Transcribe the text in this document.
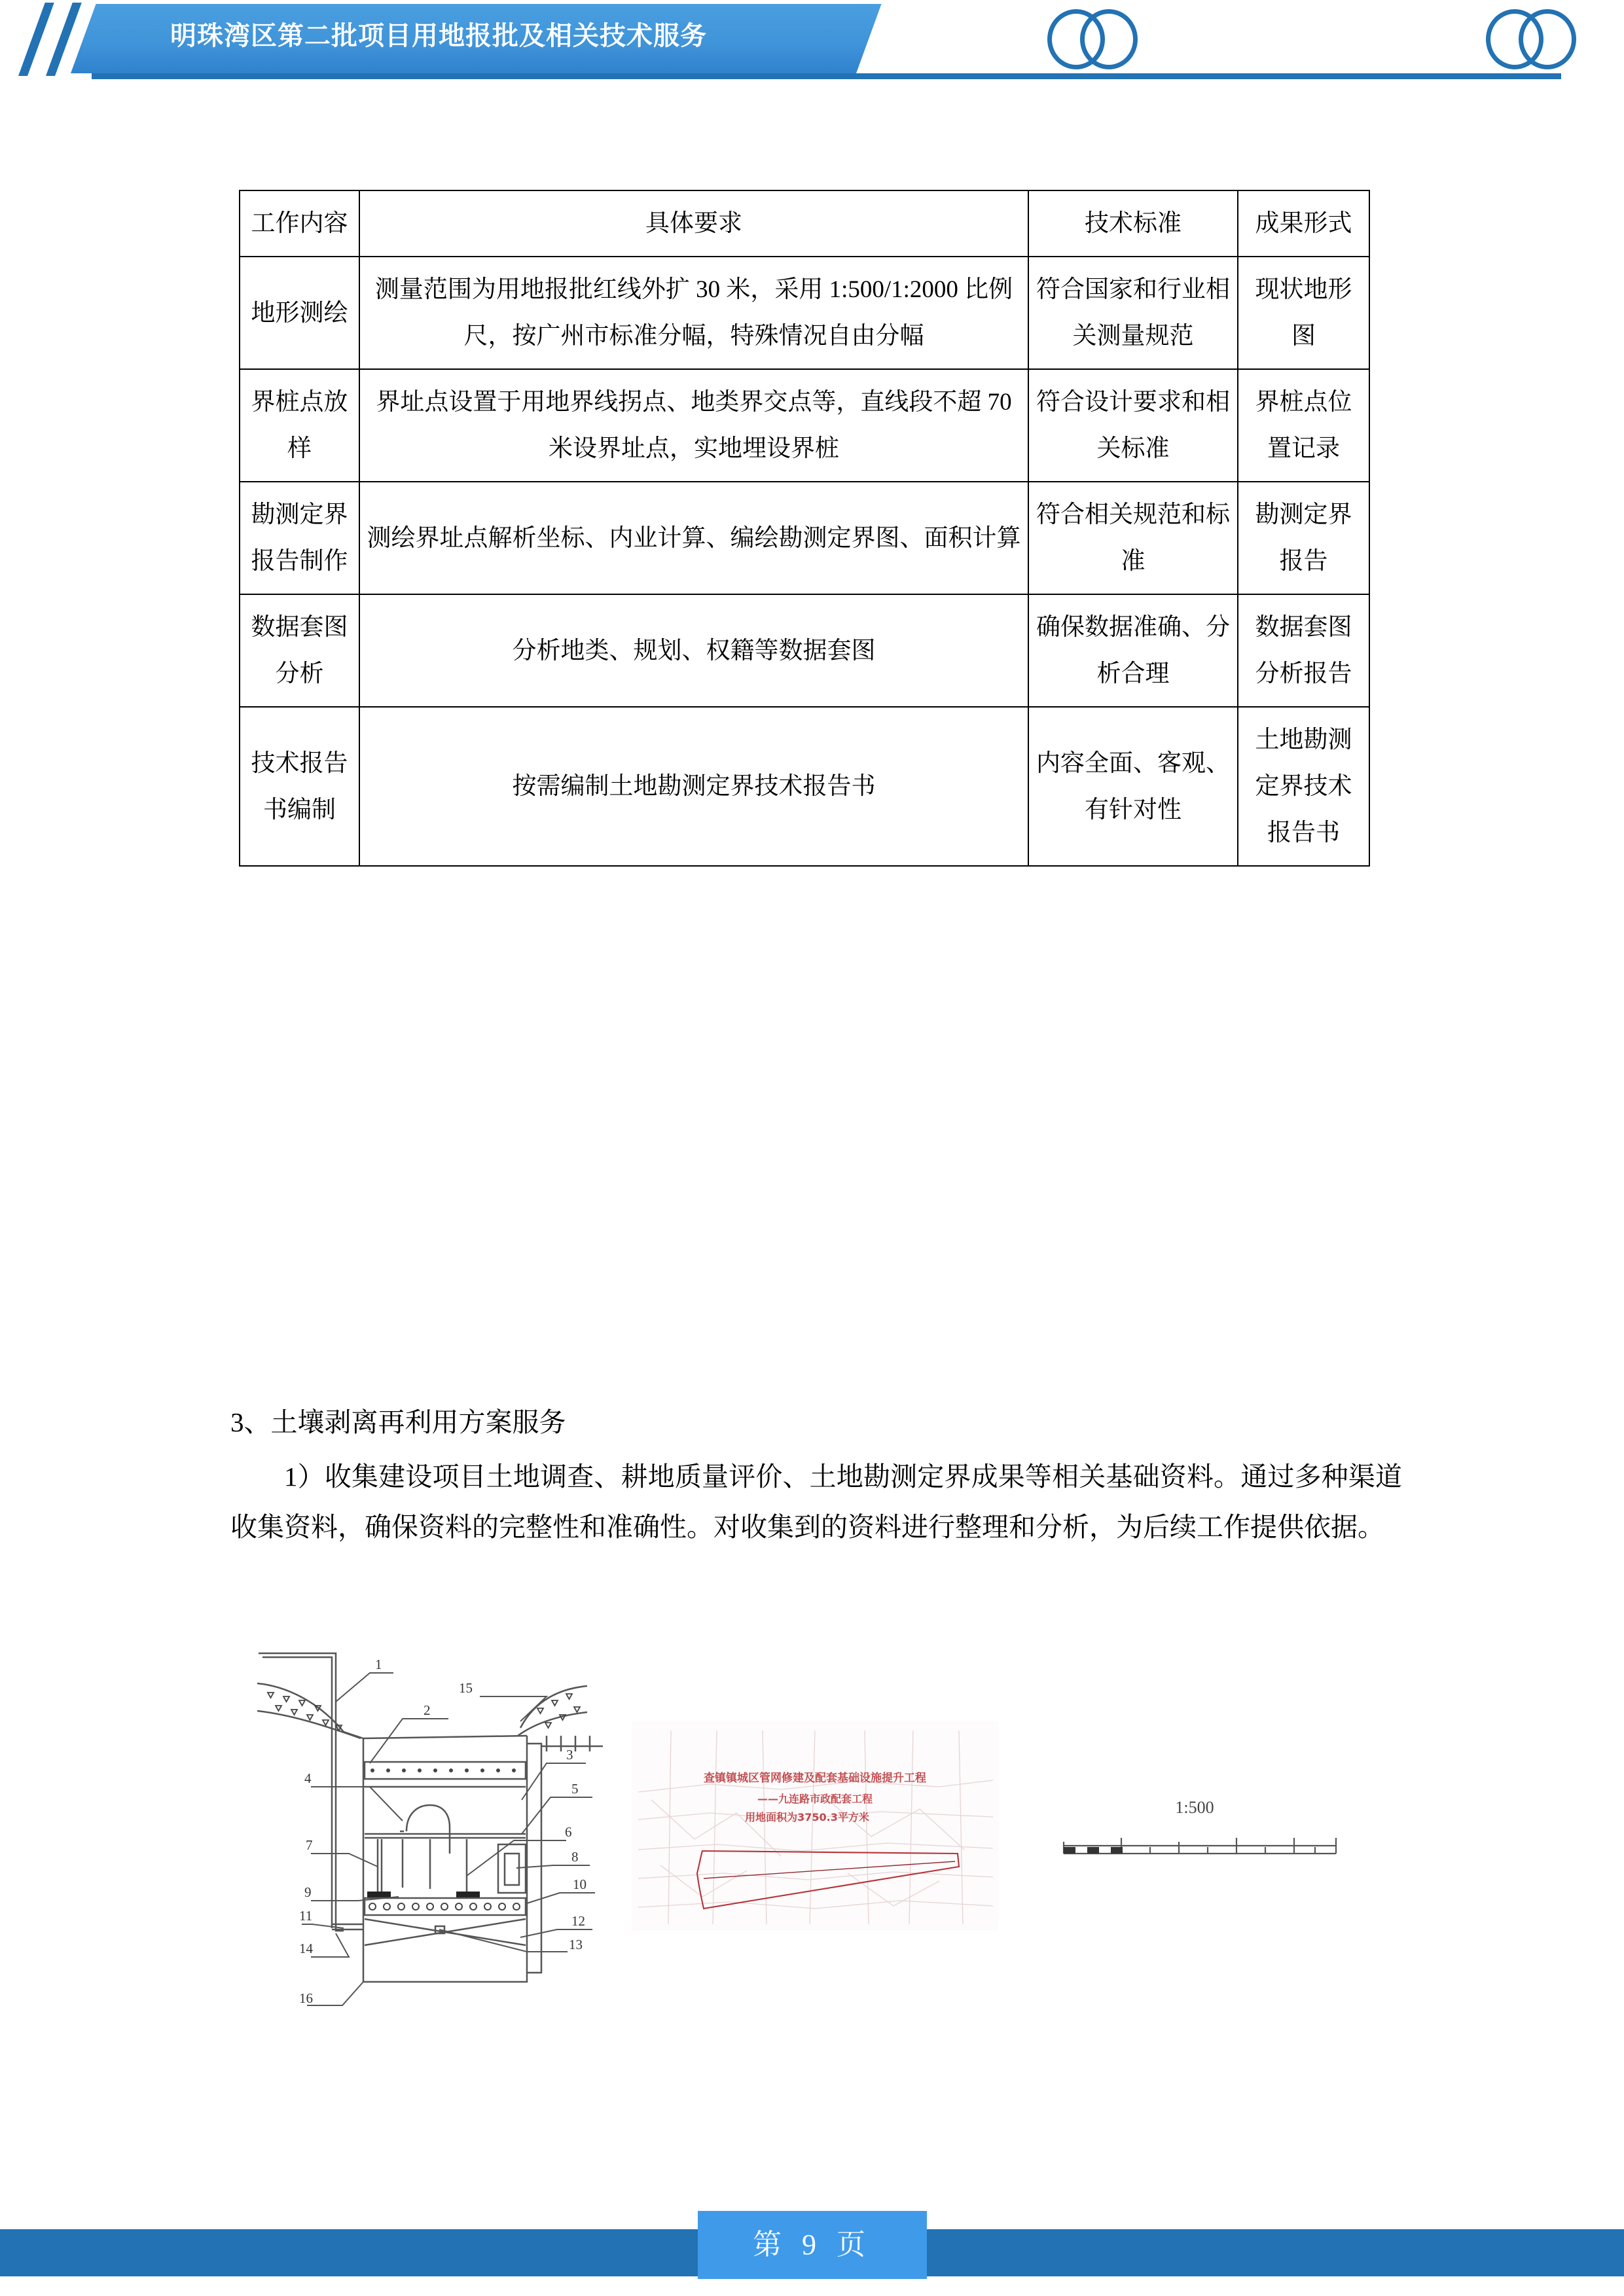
明珠湾区第二批项目用地报批及相关技术服务
工作内容	具体要求	技术标准	成果形式
地形测绘	测量范围为用地报批红线外扩 30 米，采用 1:500/1:2000 比例尺，按广州市标准分幅，特殊情况自由分幅	符合国家和行业相关测量规范	现状地形图
界桩点放样	界址点设置于用地界线拐点、地类界交点等，直线段不超 70 米设界址点，实地埋设界桩	符合设计要求和相关标准	界桩点位置记录
勘测定界报告制作	测绘界址点解析坐标、内业计算、编绘勘测定界图、面积计算	符合相关规范和标准	勘测定界报告
数据套图分析	分析地类、规划、权籍等数据套图	确保数据准确、分析合理	数据套图分析报告
技术报告书编制	按需编制土地勘测定界技术报告书	内容全面、客观、有针对性	土地勘测定界技术报告书

3、土壤剥离再利用方案服务

1）收集建设项目土地调查、耕地质量评价、土地勘测定界成果等相关基础资料。通过多种渠道收集资料，确保资料的完整性和准确性。对收集到的资料进行整理和分析，为后续工作提供依据。

1
2
3
4
5
6
7
8
9	10
11	12
13
14
15
16
查镇镇城区管网修建及配套基础设施提升工程
——九连路市政配套工程
用地面积为3750.3平方米
1:500
第 9 页
